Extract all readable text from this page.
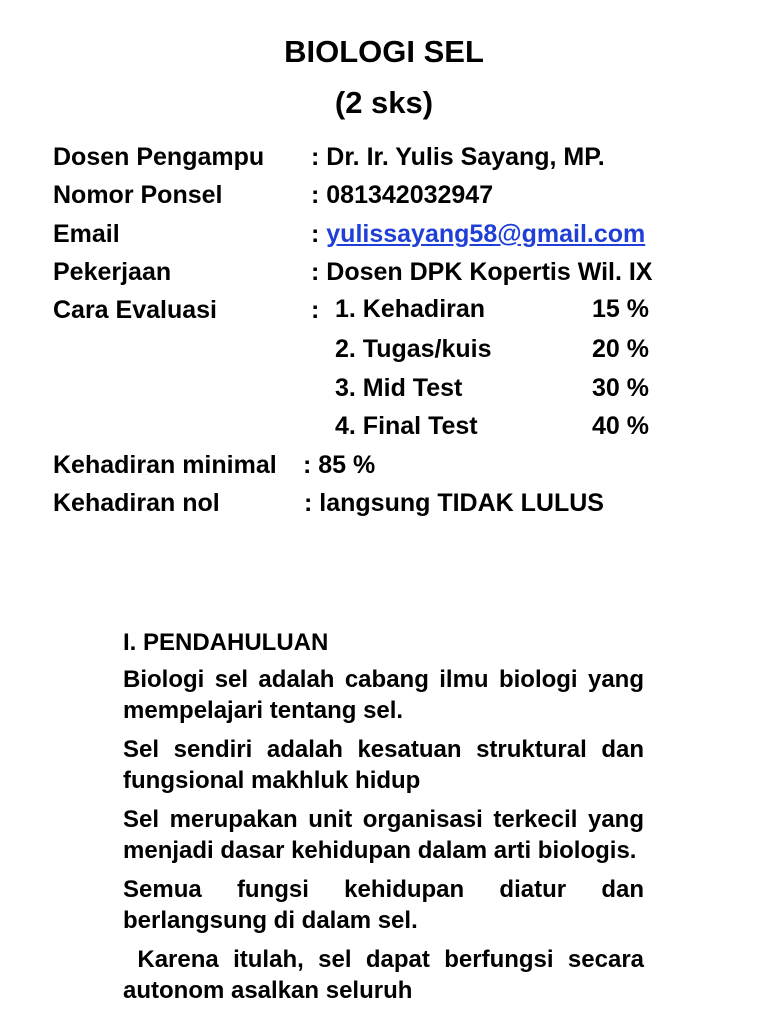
BIOLOGI SEL
(2 sks)
Dosen Pengampu : Dr. Ir. Yulis Sayang, MP.
Nomor Ponsel	: 081342032947
Email	: yulissayang58@gmail.com
Pekerjaan	: Dosen DPK Kopertis Wil. IX
Cara Evaluasi	: 1. Kehadiran	15 %
2. Tugas/kuis	20 %
3. Mid Test	30 %
4. Final Test	40 %
Kehadiran minimal : 85 %
Kehadiran nol	: langsung TIDAK LULUS
I. PENDAHULUAN

Biologi sel adalah cabang ilmu biologi yang mempelajari tentang sel.

Sel sendiri adalah kesatuan struktural dan fungsional makhluk hidup

Sel merupakan unit organisasi terkecil yang menjadi dasar kehidupan dalam arti biologis.

Semua fungsi kehidupan diatur dan berlangsung di dalam sel.

Karena itulah, sel dapat berfungsi secara autonom asalkan seluruh
